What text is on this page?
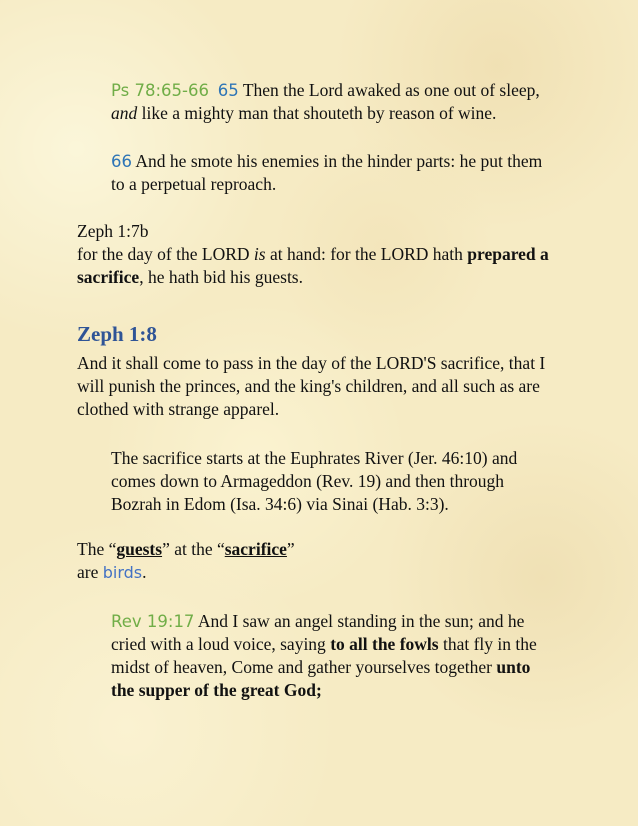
Ps 78:65-66 65 Then the Lord awaked as one out of sleep, and like a mighty man that shouteth by reason of wine.
66 And he smote his enemies in the hinder parts: he put them to a perpetual reproach.
Zeph 1:7b
for the day of the LORD is at hand: for the LORD hath prepared a sacrifice, he hath bid his guests.
Zeph 1:8
And it shall come to pass in the day of the LORD'S sacrifice, that I will punish the princes, and the king's children, and all such as are clothed with strange apparel.
The sacrifice starts at the Euphrates River (Jer. 46:10) and comes down to Armageddon (Rev. 19) and then through Bozrah in Edom (Isa. 34:6) via Sinai (Hab. 3:3).
The “guests” at the “sacrifice”
are birds.
Rev 19:17 And I saw an angel standing in the sun; and he cried with a loud voice, saying to all the fowls that fly in the midst of heaven, Come and gather yourselves together unto the supper of the great God;
